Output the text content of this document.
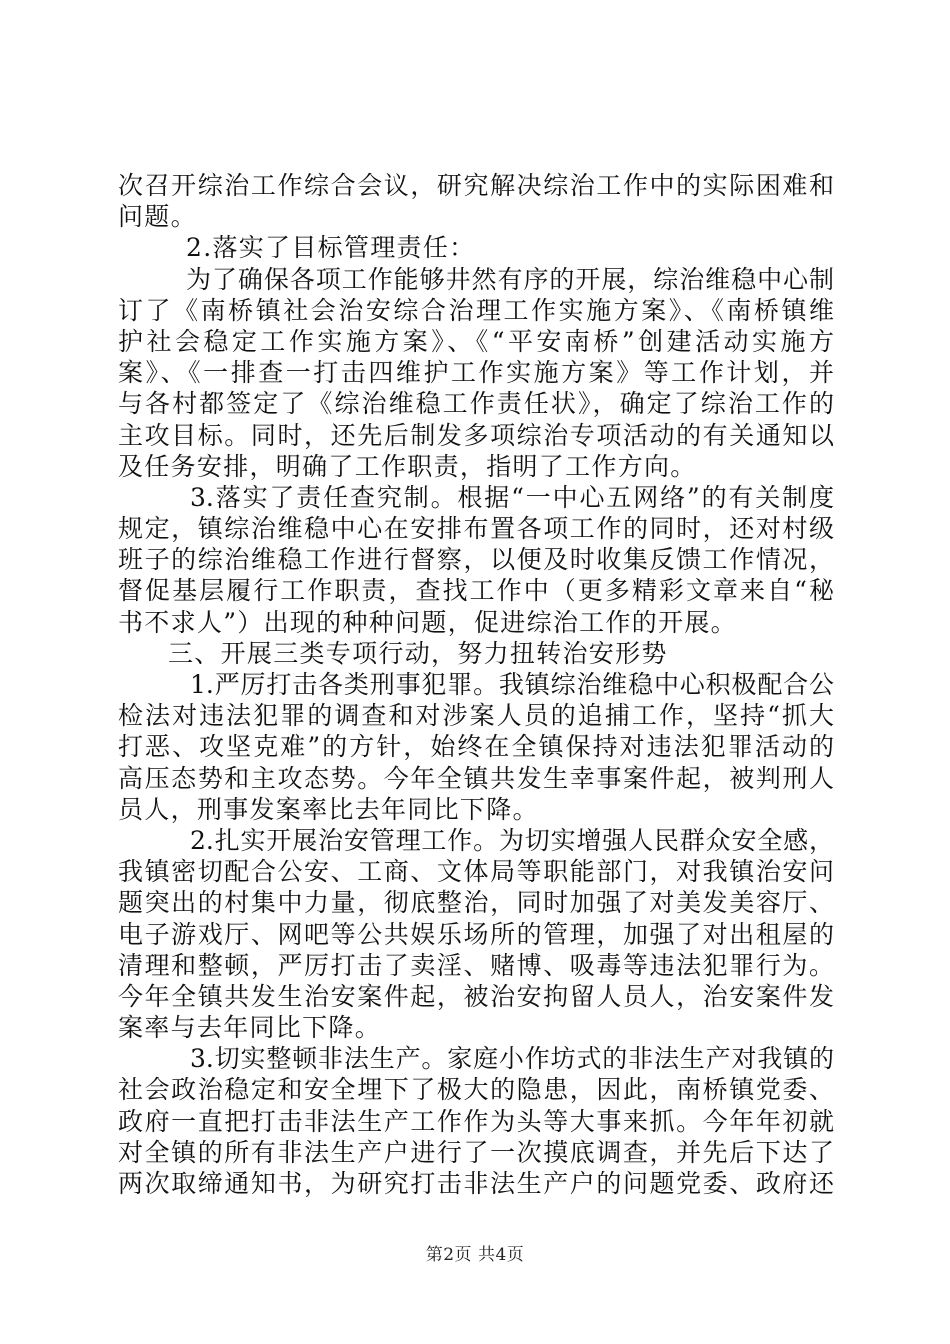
次召开综治工作综合会议，研究解决综治工作中的实际困难和
问题。
2.落实了目标管理责任：
为了确保各项工作能够井然有序的开展，综治维稳中心制
订了《南桥镇社会治安综合治理工作实施方案》、《南桥镇维
护社会稳定工作实施方案》、《“平安南桥”创建活动实施方
案》、《一排查一打击四维护工作实施方案》等工作计划，并
与各村都签定了《综治维稳工作责任状》，确定了综治工作的
主攻目标。同时，还先后制发多项综治专项活动的有关通知以
及任务安排，明确了工作职责，指明了工作方向。
3.落实了责任查究制。根据“一中心五网络”的有关制度
规定，镇综治维稳中心在安排布置各项工作的同时，还对村级
班子的综治维稳工作进行督察，以便及时收集反馈工作情况，
督促基层履行工作职责，查找工作中（更多精彩文章来自“秘
书不求人”）出现的种种问题，促进综治工作的开展。
三、开展三类专项行动，努力扭转治安形势
1.严厉打击各类刑事犯罪。我镇综治维稳中心积极配合公
检法对违法犯罪的调查和对涉案人员的追捕工作，坚持“抓大
打恶、攻坚克难”的方针，始终在全镇保持对违法犯罪活动的
高压态势和主攻态势。今年全镇共发生幸事案件起，被判刑人
员人，刑事发案率比去年同比下降。
2.扎实开展治安管理工作。为切实增强人民群众安全感，
我镇密切配合公安、工商、文体局等职能部门，对我镇治安问
题突出的村集中力量，彻底整治，同时加强了对美发美容厅、
电子游戏厅、网吧等公共娱乐场所的管理，加强了对出租屋的
清理和整顿，严厉打击了卖淫、赌博、吸毒等违法犯罪行为。
今年全镇共发生治安案件起，被治安拘留人员人，治安案件发
案率与去年同比下降。
3.切实整顿非法生产。家庭小作坊式的非法生产对我镇的
社会政治稳定和安全埋下了极大的隐患，因此，南桥镇党委、
政府一直把打击非法生产工作作为头等大事来抓。今年年初就
对全镇的所有非法生产户进行了一次摸底调查，并先后下达了
两次取缔通知书，为研究打击非法生产户的问题党委、政府还
第2页 共4页
